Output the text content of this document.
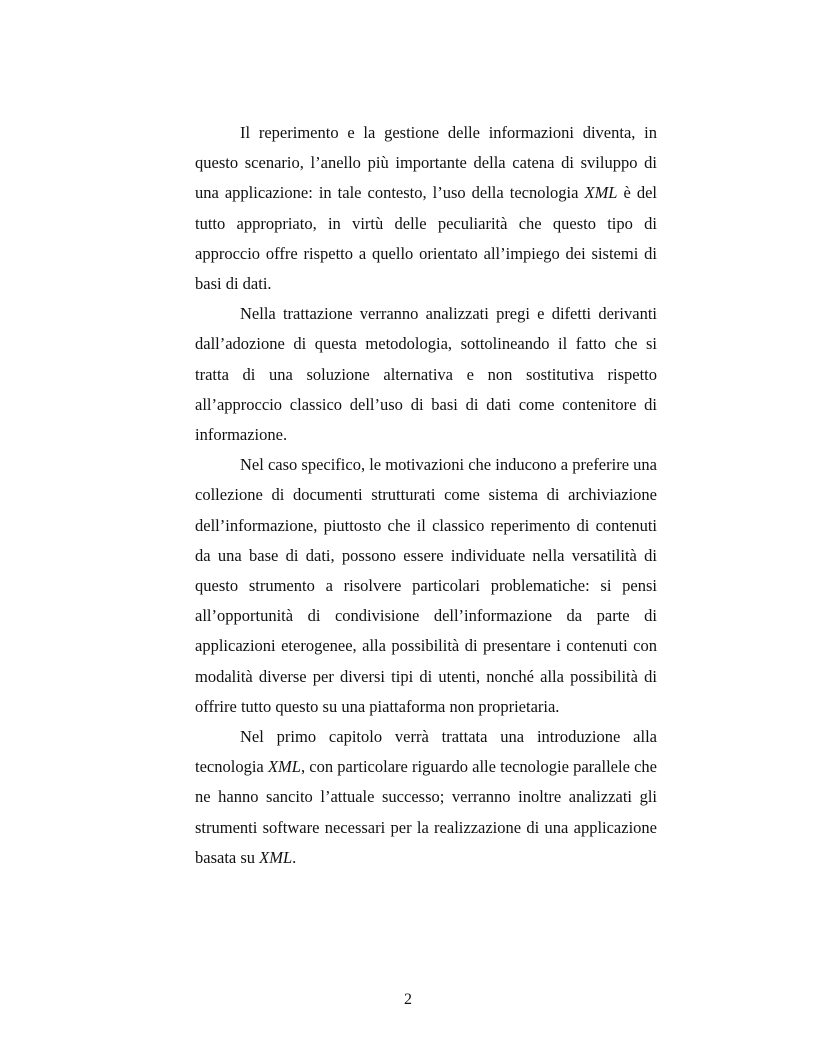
Il reperimento e la gestione delle informazioni diventa, in questo scenario, l’anello più importante della catena di sviluppo di una applicazione: in tale contesto, l’uso della tecnologia XML è del tutto appropriato, in virtù delle peculiarità che questo tipo di approccio offre rispetto a quello orientato all’impiego dei sistemi di basi di dati.

Nella trattazione verranno analizzati pregi e difetti derivanti dall’adozione di questa metodologia, sottolineando il fatto che si tratta di una soluzione alternativa e non sostitutiva rispetto all’approccio classico dell’uso di basi di dati come contenitore di informazione.

Nel caso specifico, le motivazioni che inducono a preferire una collezione di documenti strutturati come sistema di archiviazione dell’informazione, piuttosto che il classico reperimento di contenuti da una base di dati, possono essere individuate nella versatilità di questo strumento a risolvere particolari problematiche: si pensi all’opportunità di condivisione dell’informazione da parte di applicazioni eterogenee, alla possibilità di presentare i contenuti con modalità diverse per diversi tipi di utenti, nonché alla possibilità di offrire tutto questo su una piattaforma non proprietaria.

Nel primo capitolo verrà trattata una introduzione alla tecnologia XML, con particolare riguardo alle tecnologie parallele che ne hanno sancito l’attuale successo; verranno inoltre analizzati gli strumenti software necessari per la realizzazione di una applicazione basata su XML.

2
